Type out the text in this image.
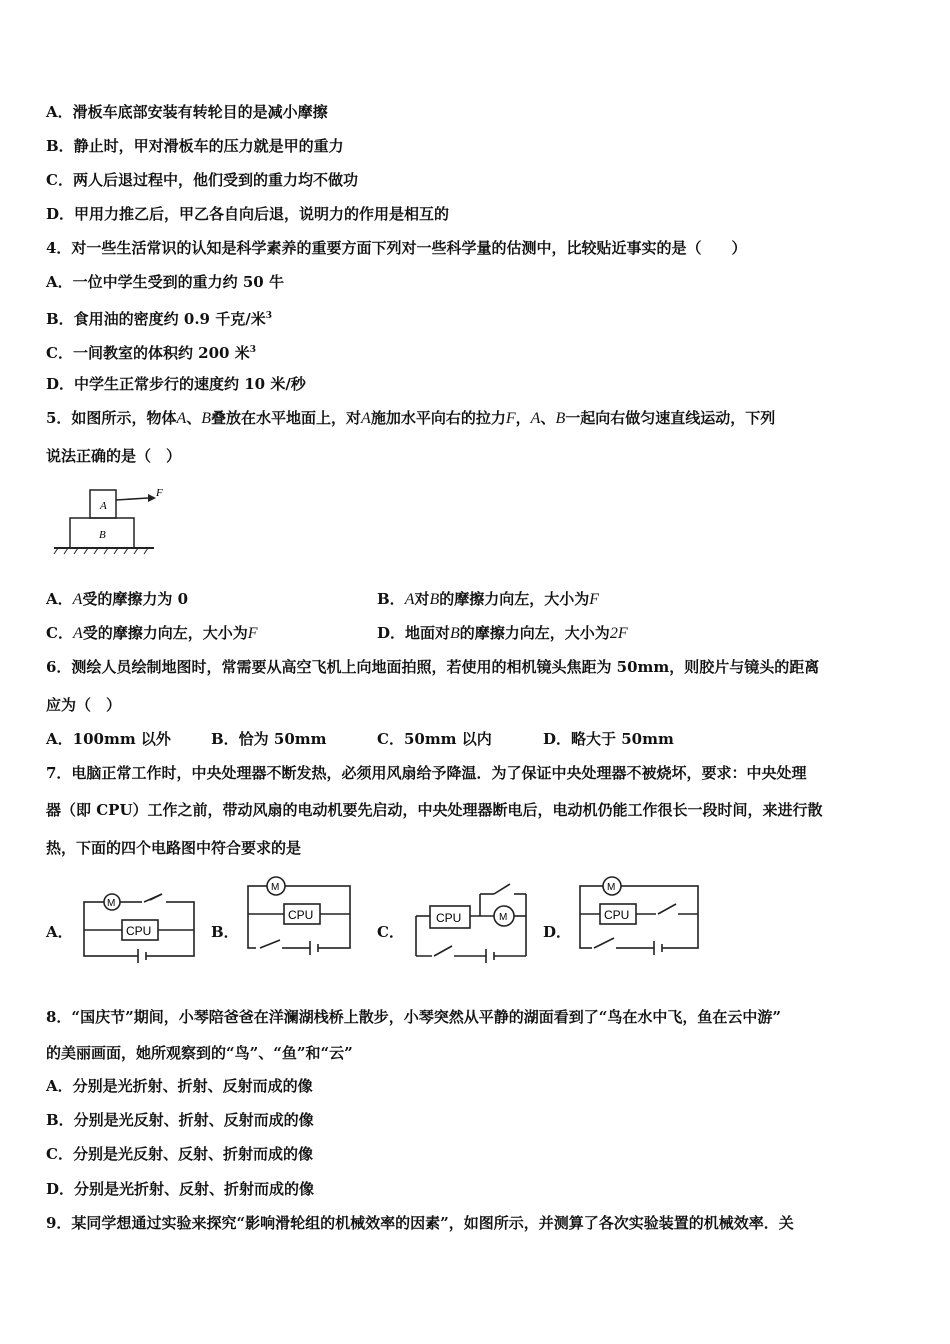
A．滑板车底部安装有转轮目的是减小摩擦
B．静止时，甲对滑板车的压力就是甲的重力
C．两人后退过程中，他们受到的重力均不做功
D．甲用力推乙后，甲乙各自向后退，说明力的作用是相互的
4．对一些生活常识的认知是科学素养的重要方面下列对一些科学量的估测中，比较贴近事实的是（　　）
A．一位中学生受到的重力约 50 牛
B．食用油的密度约 0.9 千克/米$^3$
C．一间教室的体积约 200 米$^3$
D．中学生正常步行的速度约 10 米/秒
5．如图所示，物体A、B叠放在水平地面上，对A施加水平向右的拉力F，A、B一起向右做匀速直线运动，下列
说法正确的是（　）
A
B
F
A．A受的摩擦力为 0	B．A对B的摩擦力向左，大小为F
C．A受的摩擦力向左，大小为F	D．地面对B的摩擦力向左，大小为2F
6．测绘人员绘制地图时，常需要从高空飞机上向地面拍照，若使用的相机镜头焦距为 50mm，则胶片与镜头的距离
应为（　）
A．100mm 以外	B．恰为 50mm	C．50mm 以内	D．略大于 50mm
7．电脑正常工作时，中央处理器不断发热，必须用风扇给予降温．为了保证中央处理器不被烧坏，要求：中央处理
器（即 CPU）工作之前，带动风扇的电动机要先启动，中央处理器断电后，电动机仍能工作很长一段时间，来进行散
热，下面的四个电路图中符合要求的是
A．
M
CPU	B．
M
CPU
C．
CPU	M
D．
M
CPU
8．“国庆节”期间，小琴陪爸爸在洋澜湖栈桥上散步，小琴突然从平静的湖面看到了“鸟在水中飞，鱼在云中游”
的美丽画面，她所观察到的“鸟”、“鱼”和“云”
A．分别是光折射、折射、反射而成的像
B．分别是光反射、折射、反射而成的像
C．分别是光反射、反射、折射而成的像
D．分别是光折射、反射、折射而成的像
9．某同学想通过实验来探究“影响滑轮组的机械效率的因素”，如图所示，并测算了各次实验装置的机械效率．关
